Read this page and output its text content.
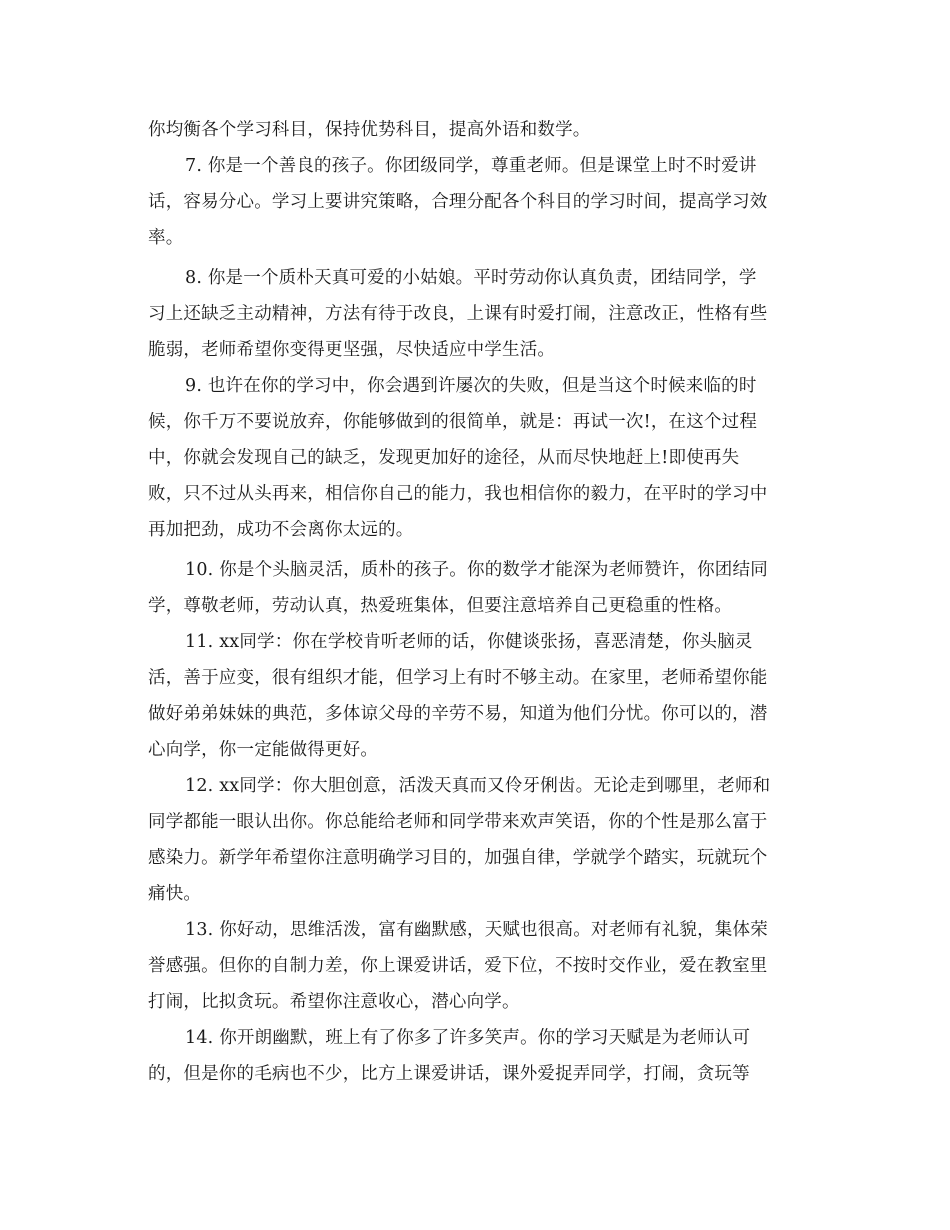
你均衡各个学习科目，保持优势科目，提高外语和数学。
7. 你是一个善良的孩子。你团级同学，尊重老师。但是课堂上时不时爱讲
话，容易分心。学习上要讲究策略，合理分配各个科目的学习时间，提高学习效
率。
8. 你是一个质朴天真可爱的小姑娘。平时劳动你认真负责，团结同学，学
习上还缺乏主动精神，方法有待于改良，上课有时爱打闹，注意改正，性格有些
脆弱，老师希望你变得更坚强，尽快适应中学生活。
9. 也许在你的学习中，你会遇到许屡次的失败，但是当这个时候来临的时
候，你千万不要说放弃，你能够做到的很简单，就是：再试一次!，在这个过程
中，你就会发现自己的缺乏，发现更加好的途径，从而尽快地赶上!即使再失
败，只不过从头再来，相信你自己的能力，我也相信你的毅力，在平时的学习中
再加把劲，成功不会离你太远的。
10. 你是个头脑灵活，质朴的孩子。你的数学才能深为老师赞许，你团结同
学，尊敬老师，劳动认真，热爱班集体，但要注意培养自己更稳重的性格。
11. xx同学：你在学校肯听老师的话，你健谈张扬，喜恶清楚，你头脑灵
活，善于应变，很有组织才能，但学习上有时不够主动。在家里，老师希望你能
做好弟弟妹妹的典范，多体谅父母的辛劳不易，知道为他们分忧。你可以的，潜
心向学，你一定能做得更好。
12. xx同学：你大胆创意，活泼天真而又伶牙俐齿。无论走到哪里，老师和
同学都能一眼认出你。你总能给老师和同学带来欢声笑语，你的个性是那么富于
感染力。新学年希望你注意明确学习目的，加强自律，学就学个踏实，玩就玩个
痛快。
13. 你好动，思维活泼，富有幽默感，天赋也很高。对老师有礼貌，集体荣
誉感强。但你的自制力差，你上课爱讲话，爱下位，不按时交作业，爱在教室里
打闹，比拟贪玩。希望你注意收心，潜心向学。
14. 你开朗幽默，班上有了你多了许多笑声。你的学习天赋是为老师认可
的，但是你的毛病也不少，比方上课爱讲话，课外爱捉弄同学，打闹，贪玩等
